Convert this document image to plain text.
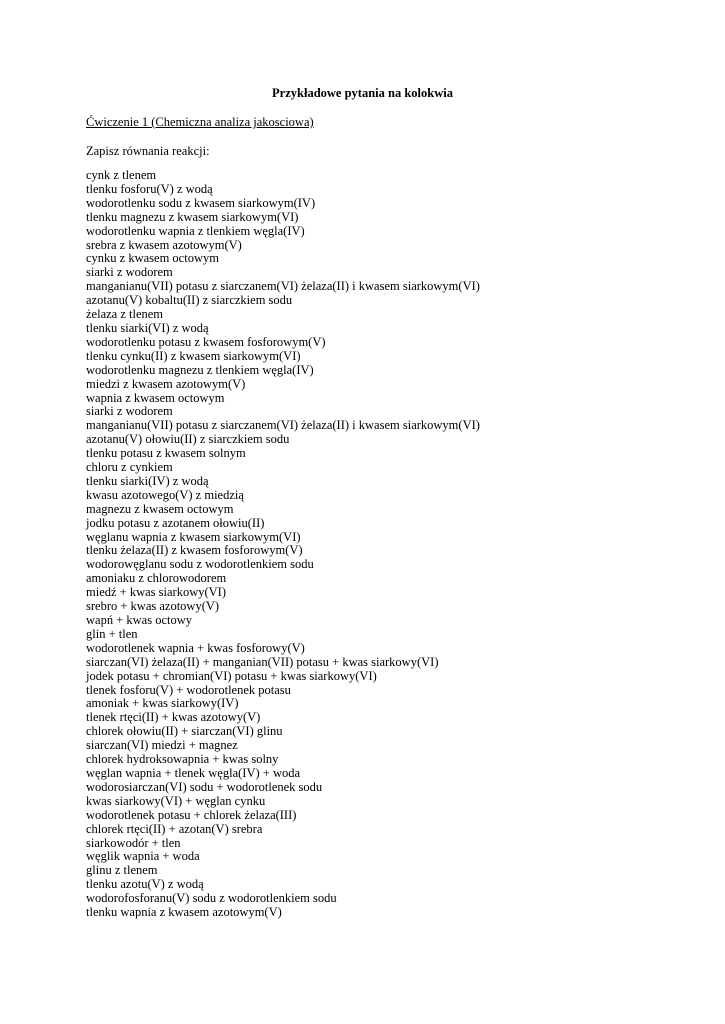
Przykładowe pytania na kolokwia
Ćwiczenie 1 (Chemiczna analiza jakosciowa)
Zapisz równania reakcji:
cynk z tlenem
tlenku fosforu(V) z wodą
wodorotlenku sodu z kwasem siarkowym(IV)
tlenku magnezu z kwasem siarkowym(VI)
wodorotlenku wapnia z tlenkiem węgla(IV)
srebra z kwasem azotowym(V)
cynku z kwasem octowym
siarki z wodorem
manganianu(VII) potasu z siarczanem(VI) żelaza(II) i kwasem siarkowym(VI)
azotanu(V) kobaltu(II) z siarczkiem sodu
żelaza z tlenem
tlenku siarki(VI) z wodą
wodorotlenku potasu z kwasem fosforowym(V)
tlenku cynku(II) z kwasem siarkowym(VI)
wodorotlenku magnezu z tlenkiem węgla(IV)
miedzi z kwasem azotowym(V)
wapnia z kwasem octowym
siarki z wodorem
manganianu(VII) potasu z siarczanem(VI) żelaza(II) i kwasem siarkowym(VI)
azotanu(V) ołowiu(II) z siarczkiem sodu
tlenku potasu z kwasem solnym
chloru z cynkiem
tlenku siarki(IV) z wodą
kwasu azotowego(V) z miedzią
magnezu z kwasem octowym
jodku potasu z azotanem ołowiu(II)
węglanu wapnia z kwasem siarkowym(VI)
tlenku żelaza(II) z kwasem fosforowym(V)
wodorowęglanu sodu z wodorotlenkiem sodu
amoniaku z chlorowodorem
miedź + kwas siarkowy(VI)
srebro + kwas azotowy(V)
wapń + kwas octowy
glin + tlen
wodorotlenek wapnia + kwas fosforowy(V)
siarczan(VI) żelaza(II) + manganian(VII) potasu + kwas siarkowy(VI)
jodek potasu + chromian(VI) potasu + kwas siarkowy(VI)
tlenek fosforu(V) + wodorotlenek potasu
amoniak + kwas siarkowy(IV)
tlenek rtęci(II) + kwas azotowy(V)
chlorek ołowiu(II) + siarczan(VI) glinu
siarczan(VI) miedzi + magnez
chlorek hydroksowapnia + kwas solny
węglan wapnia + tlenek węgla(IV) + woda
wodorosiarczan(VI) sodu + wodorotlenek sodu
kwas siarkowy(VI) + węglan cynku
wodorotlenek potasu + chlorek żelaza(III)
chlorek rtęci(II) + azotan(V) srebra
siarkowodór + tlen
węglik wapnia + woda
glinu z tlenem
tlenku azotu(V) z wodą
wodorofosforanu(V) sodu z wodorotlenkiem sodu
tlenku wapnia z kwasem azotowym(V)
